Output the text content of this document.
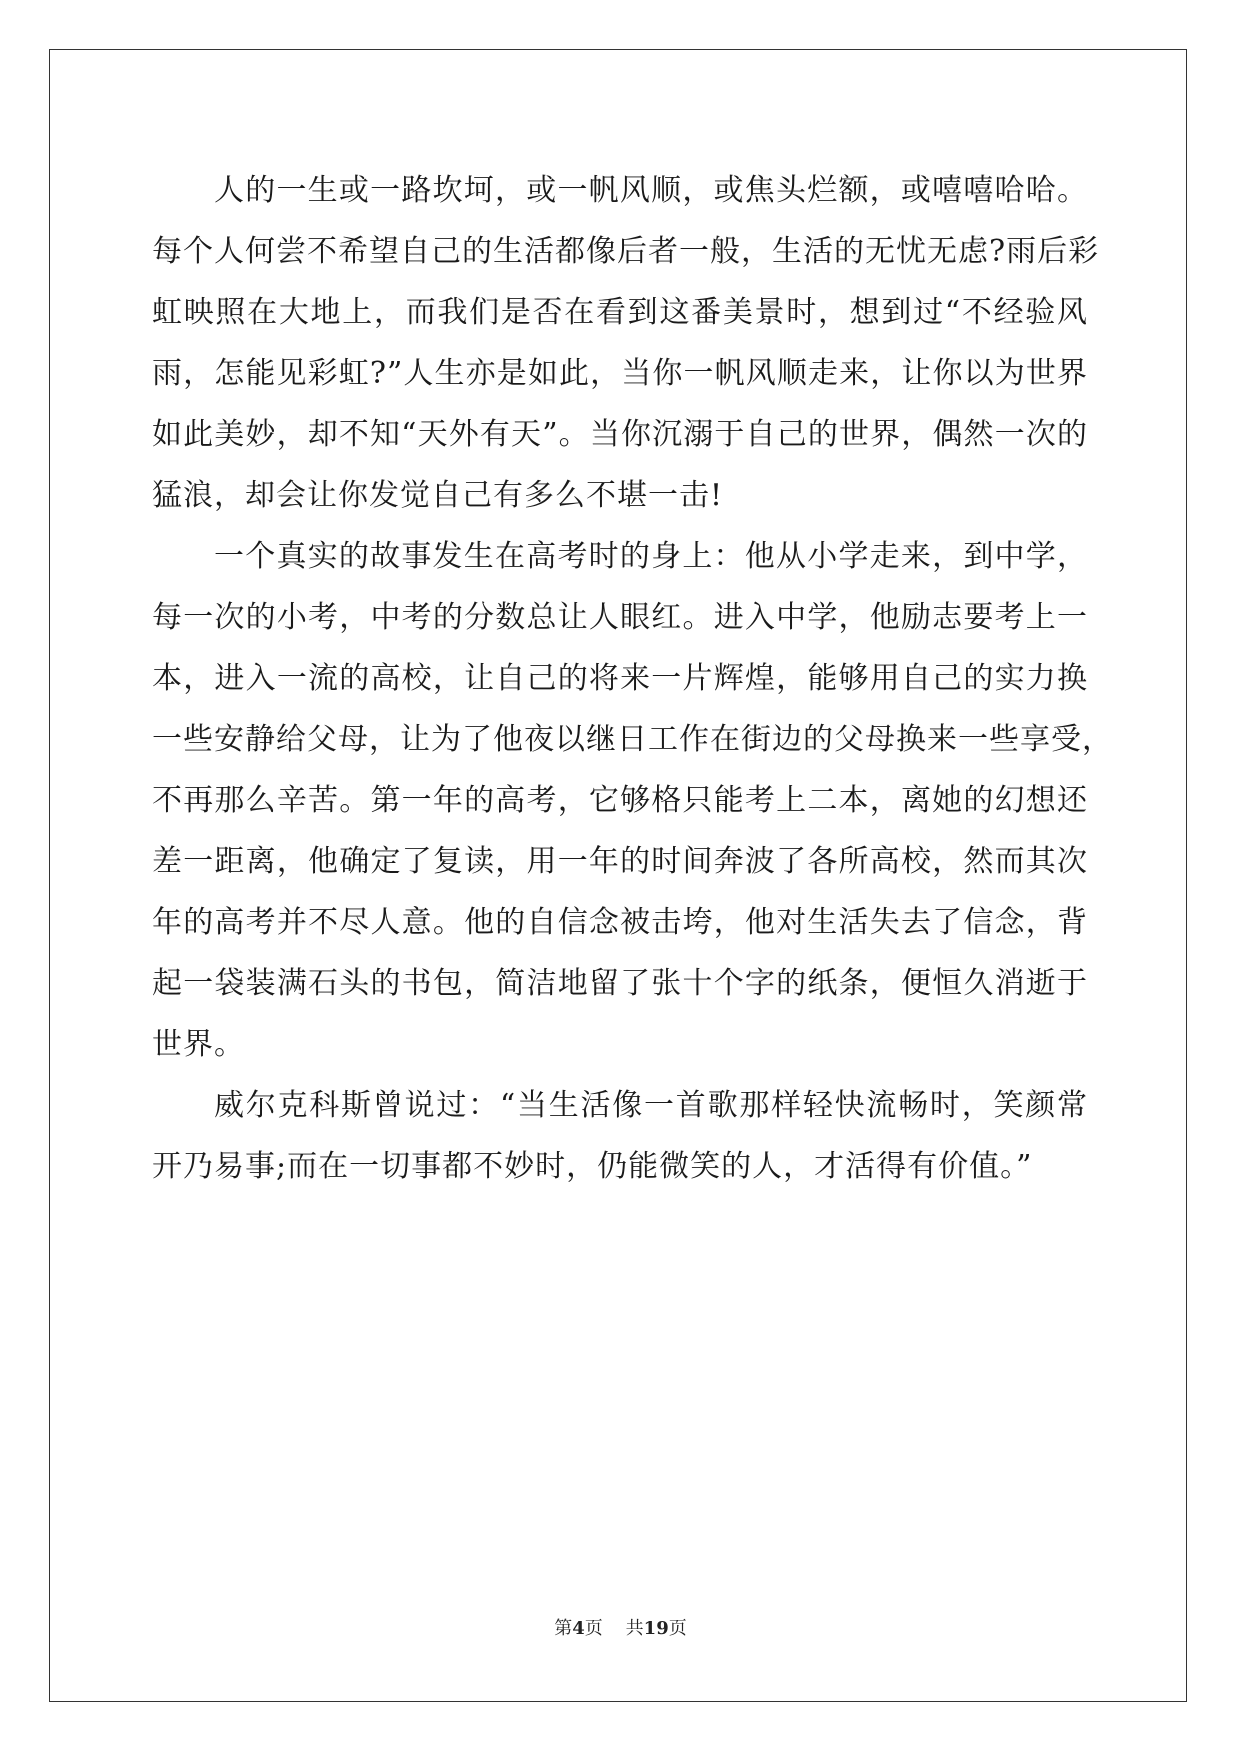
人的一生或一路坎坷，或一帆风顺，或焦头烂额，或嘻嘻哈哈。
每个人何尝不希望自己的生活都像后者一般，生活的无忧无虑?雨后彩
虹映照在大地上，而我们是否在看到这番美景时，想到过“不经验风
雨，怎能见彩虹?”人生亦是如此，当你一帆风顺走来，让你以为世界
如此美妙，却不知“天外有天”。当你沉溺于自己的世界，偶然一次的
猛浪，却会让你发觉自己有多么不堪一击!

一个真实的故事发生在高考时的身上：他从小学走来，到中学，
每一次的小考，中考的分数总让人眼红。进入中学，他励志要考上一
本，进入一流的高校，让自己的将来一片辉煌，能够用自己的实力换
一些安静给父母，让为了他夜以继日工作在街边的父母换来一些享受，
不再那么辛苦。第一年的高考，它够格只能考上二本，离她的幻想还
差一距离，他确定了复读，用一年的时间奔波了各所高校，然而其次
年的高考并不尽人意。他的自信念被击垮，他对生活失去了信念，背
起一袋装满石头的书包，简洁地留了张十个字的纸条，便恒久消逝于
世界。

威尔克科斯曾说过：“当生活像一首歌那样轻快流畅时，笑颜常
开乃易事;而在一切事都不妙时，仍能微笑的人，才活得有价值。”

第4页 共19页
